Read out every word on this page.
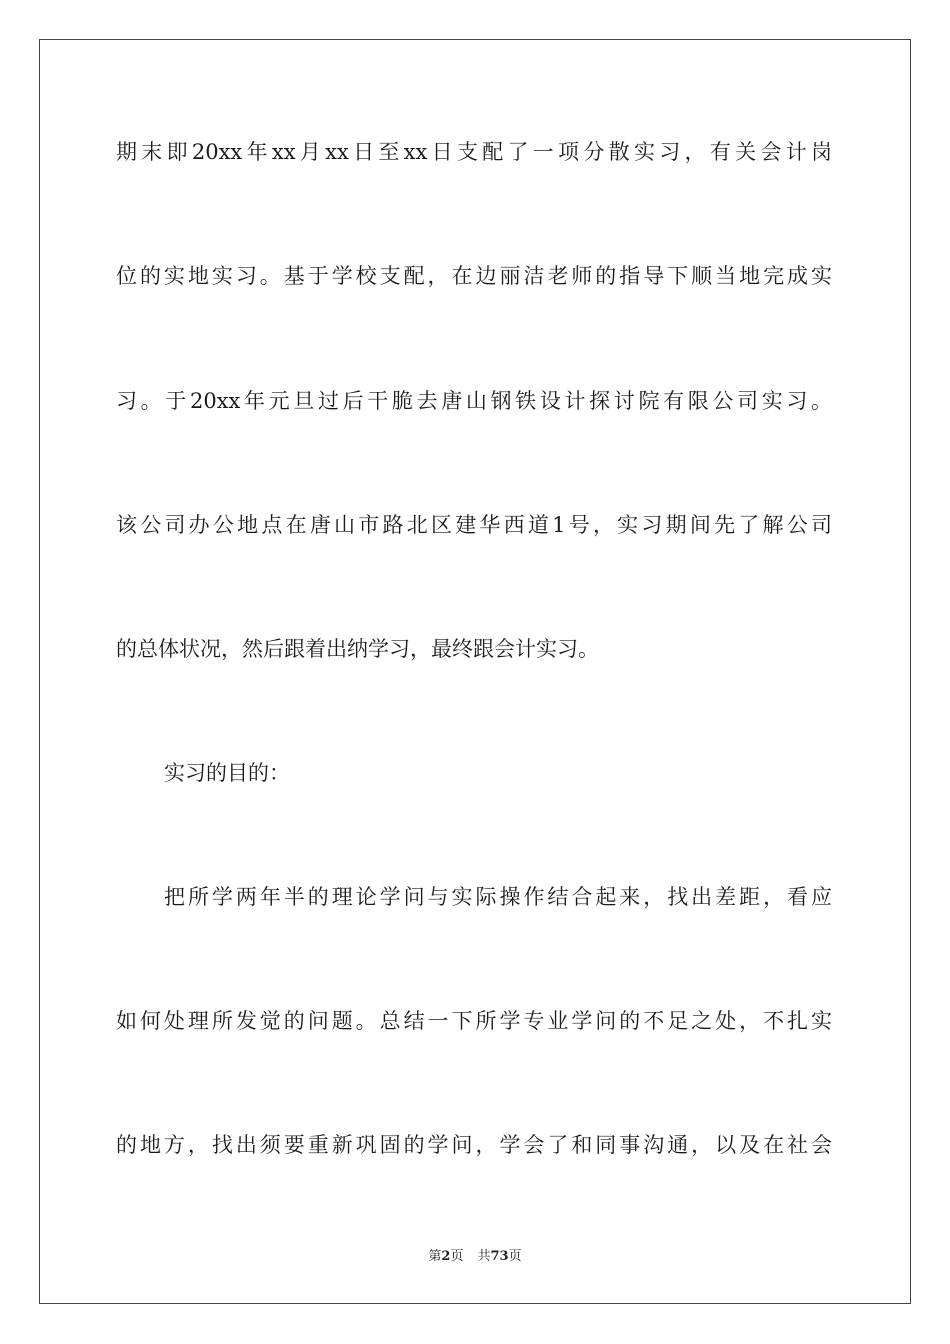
期末即20xx年xx月xx日至xx日支配了一项分散实习，有关会计岗
位的实地实习。基于学校支配，在边丽洁老师的指导下顺当地完成实
习。于20xx年元旦过后干脆去唐山钢铁设计探讨院有限公司实习。
该公司办公地点在唐山市路北区建华西道1号，实习期间先了解公司
的总体状况，然后跟着出纳学习，最终跟会计实习。
实习的目的：
把所学两年半的理论学问与实际操作结合起来，找出差距，看应
如何处理所发觉的问题。总结一下所学专业学问的不足之处，不扎实
的地方，找出须要重新巩固的学问，学会了和同事沟通，以及在社会
第2页 共73页
